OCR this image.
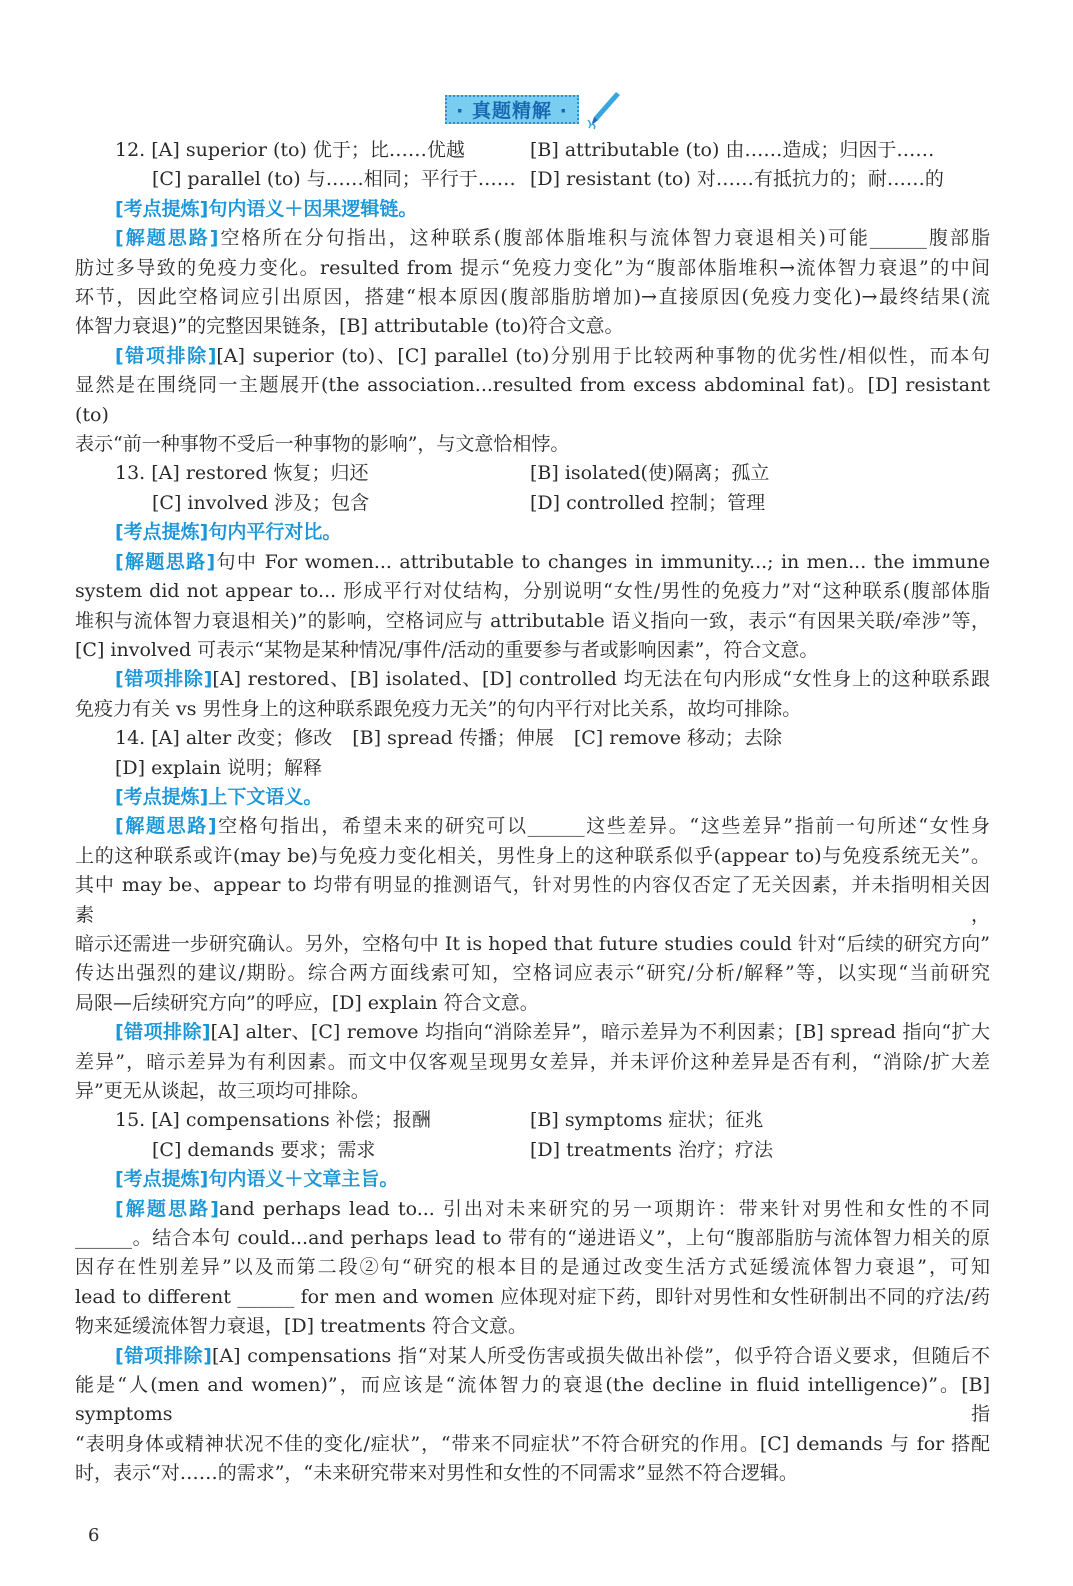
· 真题精解 ·
12. [A] superior (to) 优于；比……优越	[B] attributable (to) 由……造成；归因于……
[C] parallel (to) 与……相同；平行于…… [D] resistant (to) 对……有抵抗力的；耐……的
[考点提炼]句内语义＋因果逻辑链。
[解题思路]空格所在分句指出，这种联系(腹部体脂堆积与流体智力衰退相关)可能______腹部脂
肪过多导致的免疫力变化。resulted from 提示“免疫力变化”为“腹部体脂堆积→流体智力衰退”的中间
环节，因此空格词应引出原因，搭建“根本原因(腹部脂肪增加)→直接原因(免疫力变化)→最终结果(流
体智力衰退)”的完整因果链条，[B] attributable (to)符合文意。
[错项排除][A] superior (to)、[C] parallel (to)分别用于比较两种事物的优劣性/相似性，而本句
显然是在围绕同一主题展开(the association...resulted from excess abdominal fat)。[D] resistant (to)
表示“前一种事物不受后一种事物的影响”，与文意恰相悖。
13. [A] restored 恢复；归还	[B] isolated(使)隔离；孤立
[C] involved 涉及；包含	[D] controlled 控制；管理
[考点提炼]句内平行对比。
[解题思路]句中 For women... attributable to changes in immunity...; in men... the immune
system did not appear to... 形成平行对仗结构，分别说明“女性/男性的免疫力”对“这种联系(腹部体脂
堆积与流体智力衰退相关)”的影响，空格词应与 attributable 语义指向一致，表示“有因果关联/牵涉”等，
[C] involved 可表示“某物是某种情况/事件/活动的重要参与者或影响因素”，符合文意。
[错项排除][A] restored、[B] isolated、[D] controlled 均无法在句内形成“女性身上的这种联系跟
免疫力有关 vs 男性身上的这种联系跟免疫力无关”的句内平行对比关系，故均可排除。
14. [A] alter 改变；修改 [B] spread 传播；伸展 [C] remove 移动；去除
[D] explain 说明；解释
[考点提炼]上下文语义。
[解题思路]空格句指出，希望未来的研究可以______这些差异。“这些差异”指前一句所述“女性身
上的这种联系或许(may be)与免疫力变化相关，男性身上的这种联系似乎(appear to)与免疫系统无关”。
其中 may be、appear to 均带有明显的推测语气，针对男性的内容仅否定了无关因素，并未指明相关因素，
暗示还需进一步研究确认。另外，空格句中 It is hoped that future studies could 针对“后续的研究方向”
传达出强烈的建议/期盼。综合两方面线索可知，空格词应表示“研究/分析/解释”等，以实现“当前研究
局限—后续研究方向”的呼应，[D] explain 符合文意。
[错项排除][A] alter、[C] remove 均指向“消除差异”，暗示差异为不利因素；[B] spread 指向“扩大
差异”，暗示差异为有利因素。而文中仅客观呈现男女差异，并未评价这种差异是否有利，“消除/扩大差
异”更无从谈起，故三项均可排除。
15. [A] compensations 补偿；报酬	[B] symptoms 症状；征兆
[C] demands 要求；需求	[D] treatments 治疗；疗法
[考点提炼]句内语义＋文章主旨。
[解题思路]and perhaps lead to... 引出对未来研究的另一项期许：带来针对男性和女性的不同
______。结合本句 could...and perhaps lead to 带有的“递进语义”，上句“腹部脂肪与流体智力相关的原
因存在性别差异”以及而第二段②句“研究的根本目的是通过改变生活方式延缓流体智力衰退”，可知
lead to different ______ for men and women 应体现对症下药，即针对男性和女性研制出不同的疗法/药
物来延缓流体智力衰退，[D] treatments 符合文意。
[错项排除][A] compensations 指“对某人所受伤害或损失做出补偿”，似乎符合语义要求，但随后不
能是“人(men and women)”，而应该是“流体智力的衰退(the decline in fluid intelligence)”。[B] symptoms 指
“表明身体或精神状况不佳的变化/症状”，“带来不同症状”不符合研究的作用。[C] demands 与 for 搭配
时，表示“对……的需求”，“未来研究带来对男性和女性的不同需求”显然不符合逻辑。
6
